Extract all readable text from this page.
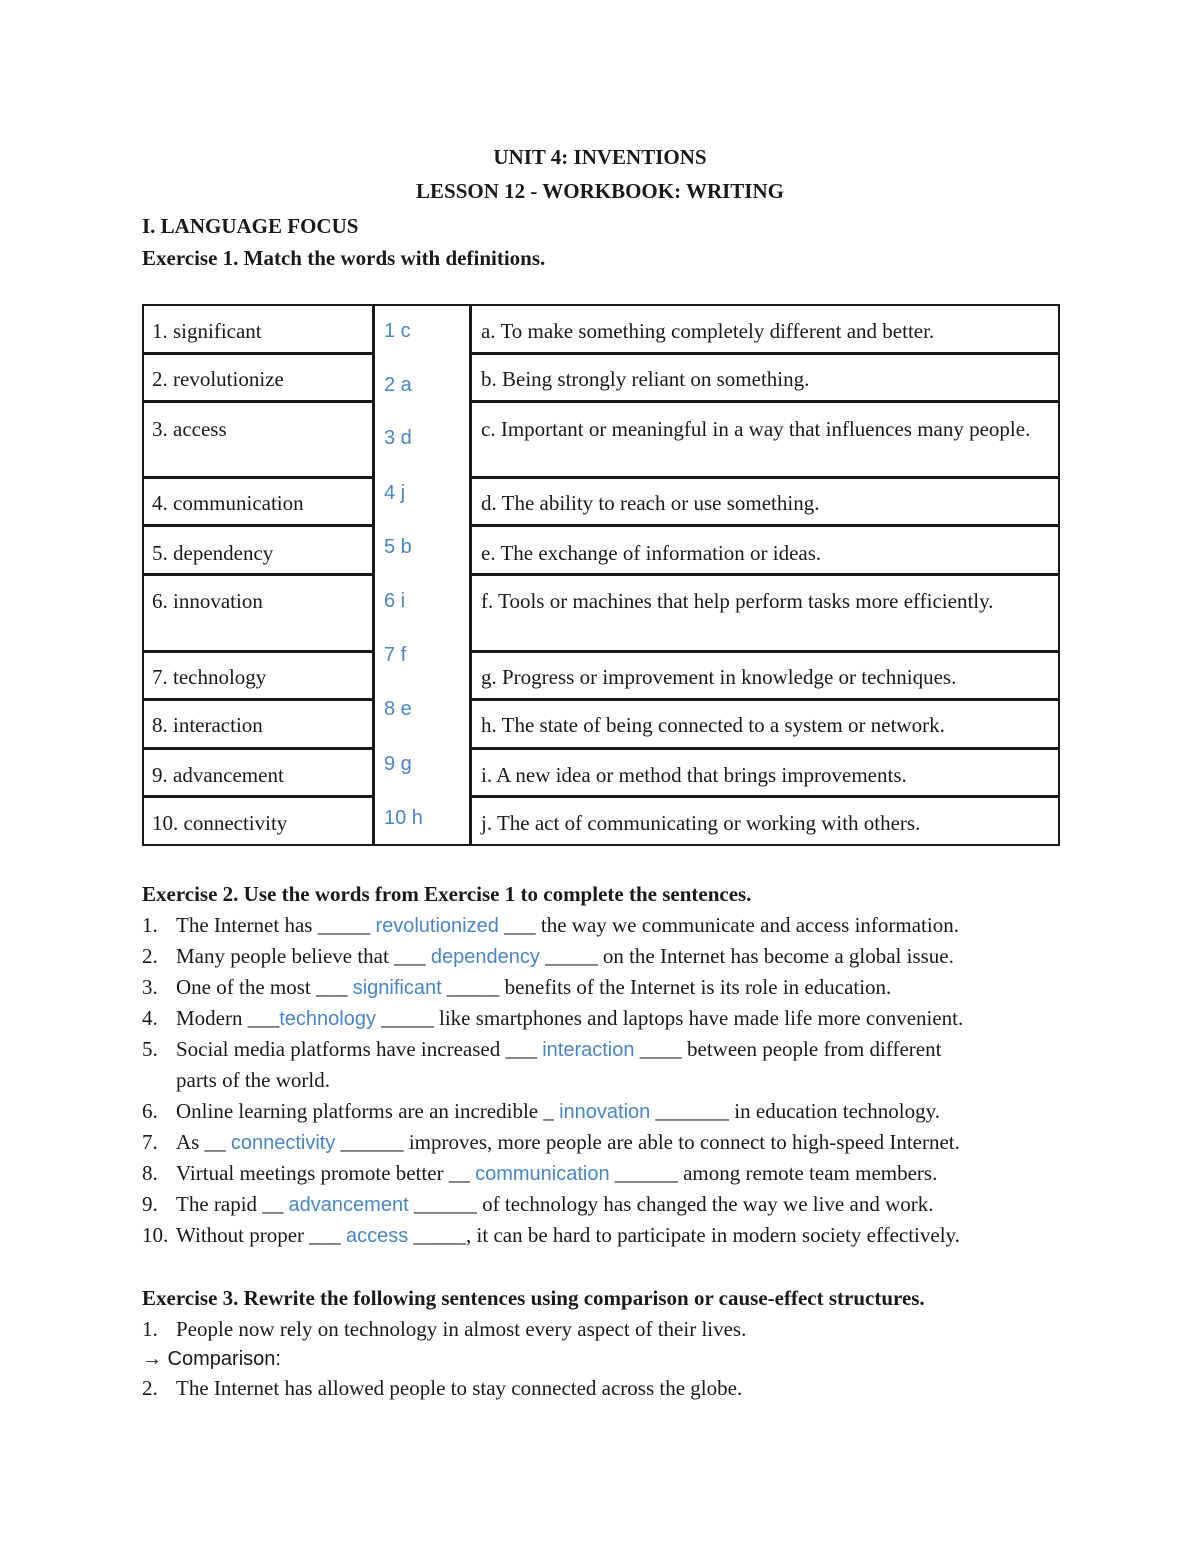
UNIT 4: INVENTIONS
LESSON 12 - WORKBOOK: WRITING
I. LANGUAGE FOCUS
Exercise 1. Match the words with definitions.
1. significant
2. revolutionize
3. access
4. communication
5. dependency
6. innovation
7. technology
8. interaction
9. advancement
10. connectivity
1 c
2 a
3 d
4 j
5 b
6 i
7 f
8 e
9 g
10 h
a. To make something completely different and better.
b. Being strongly reliant on something.
c. Important or meaningful in a way that influences many people.
d. The ability to reach or use something.
e. The exchange of information or ideas.
f. Tools or machines that help perform tasks more efficiently.
g. Progress or improvement in knowledge or techniques.
h. The state of being connected to a system or network.
i. A new idea or method that brings improvements.
j. The act of communicating or working with others.
Exercise 2. Use the words from Exercise 1 to complete the sentences.
1. The Internet has _____ revolutionized ___ the way we communicate and access information.
2. Many people believe that ___ dependency _____ on the Internet has become a global issue.
3. One of the most ___ significant _____ benefits of the Internet is its role in education.
4. Modern ___technology _____ like smartphones and laptops have made life more convenient.
5. Social media platforms have increased ___ interaction ____ between people from different
parts of the world.
6. Online learning platforms are an incredible _ innovation _______ in education technology.
7. As __ connectivity ______ improves, more people are able to connect to high-speed Internet.
8. Virtual meetings promote better __ communication ______ among remote team members.
9. The rapid __ advancement ______ of technology has changed the way we live and work.
10. Without proper ___ access _____, it can be hard to participate in modern society effectively.
Exercise 3. Rewrite the following sentences using comparison or cause-effect structures.
1. People now rely on technology in almost every aspect of their lives.
→ Comparison:
2. The Internet has allowed people to stay connected across the globe.
